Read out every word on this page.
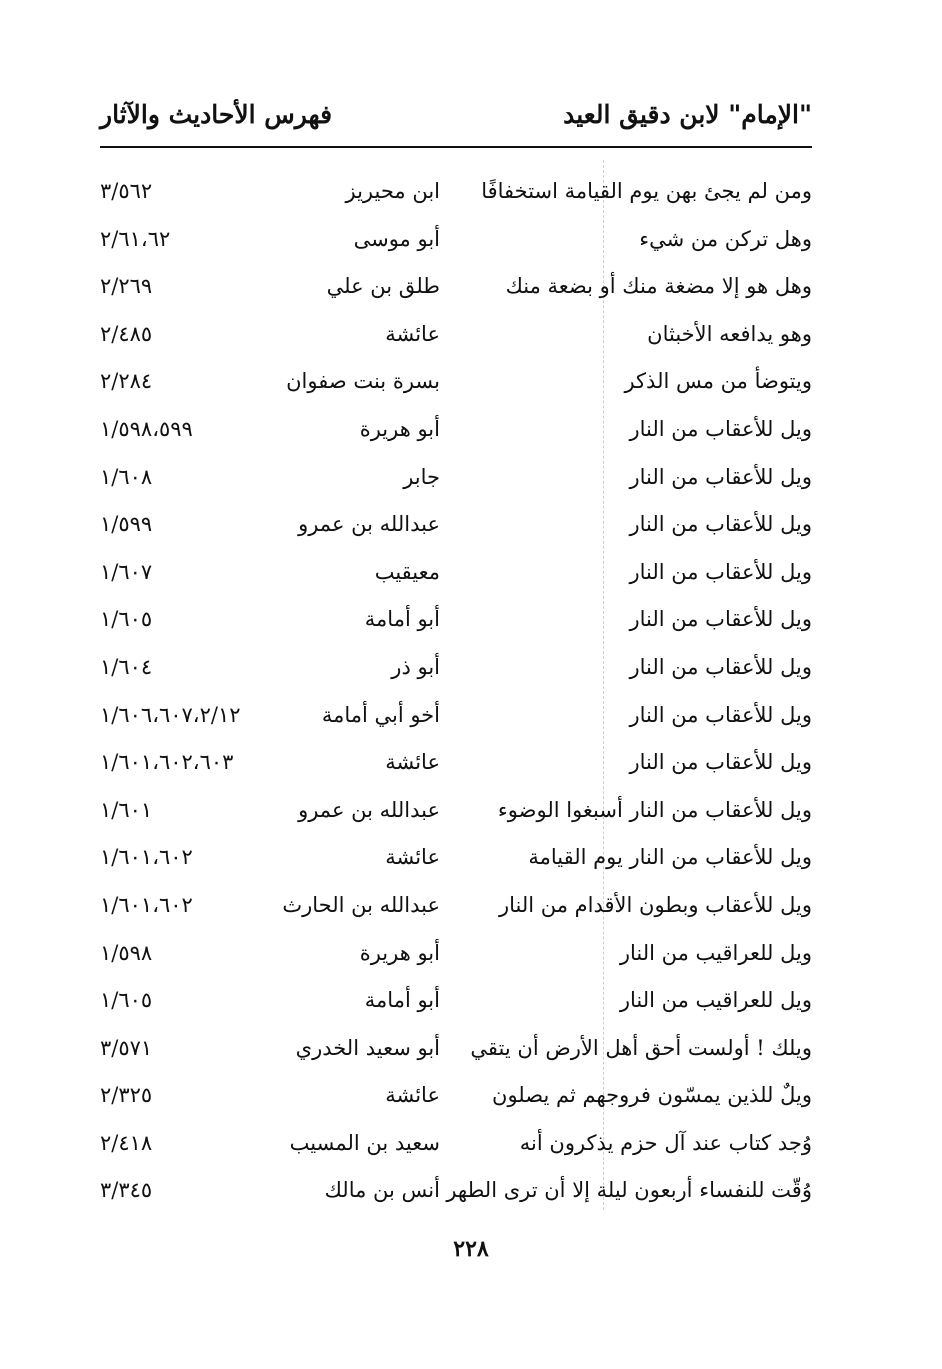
"الإمام" لابن دقيق العيد
فهرس الأحاديث والآثار
ومن لم يجئ بهن يوم القيامة استخفافًا
ابن محيريز
٣/٥٦٢
وهل تركن من شيء
أبو موسى
٢/٦١،٦٢
وهل هو إلا مضغة منك أو بضعة منك
طلق بن علي
٢/٢٦٩
وهو يدافعه الأخبثان
عائشة
٢/٤٨٥
ويتوضأ من مس الذكر
بسرة بنت صفوان
٢/٢٨٤
ويل للأعقاب من النار
أبو هريرة
١/٥٩٨،٥٩٩
ويل للأعقاب من النار
جابر
١/٦٠٨
ويل للأعقاب من النار
عبدالله بن عمرو
١/٥٩٩
ويل للأعقاب من النار
معيقيب
١/٦٠٧
ويل للأعقاب من النار
أبو أمامة
١/٦٠٥
ويل للأعقاب من النار
أبو ذر
١/٦٠٤
ويل للأعقاب من النار
أخو أبي أمامة
١/٦٠٦،٦٠٧،٢/١٢
ويل للأعقاب من النار
عائشة
١/٦٠١،٦٠٢،٦٠٣
ويل للأعقاب من النار أسبغوا الوضوء
عبدالله بن عمرو
١/٦٠١
ويل للأعقاب من النار يوم القيامة
عائشة
١/٦٠١،٦٠٢
ويل للأعقاب وبطون الأقدام من النار
عبدالله بن الحارث
١/٦٠١،٦٠٢
ويل للعراقيب من النار
أبو هريرة
١/٥٩٨
ويل للعراقيب من النار
أبو أمامة
١/٦٠٥
ويلك ! أولست أحق أهل الأرض أن يتقي
أبو سعيد الخدري
٣/٥٧١
ويلٌ للذين يمسّون فروجهم ثم يصلون
عائشة
٢/٣٢٥
وُجد كتاب عند آل حزم يذكرون أنه
سعيد بن المسيب
٢/٤١٨
وُقّت للنفساء أربعون ليلة إلا أن ترى الطهر
أنس بن مالك
٣/٣٤٥
٢٢٨
